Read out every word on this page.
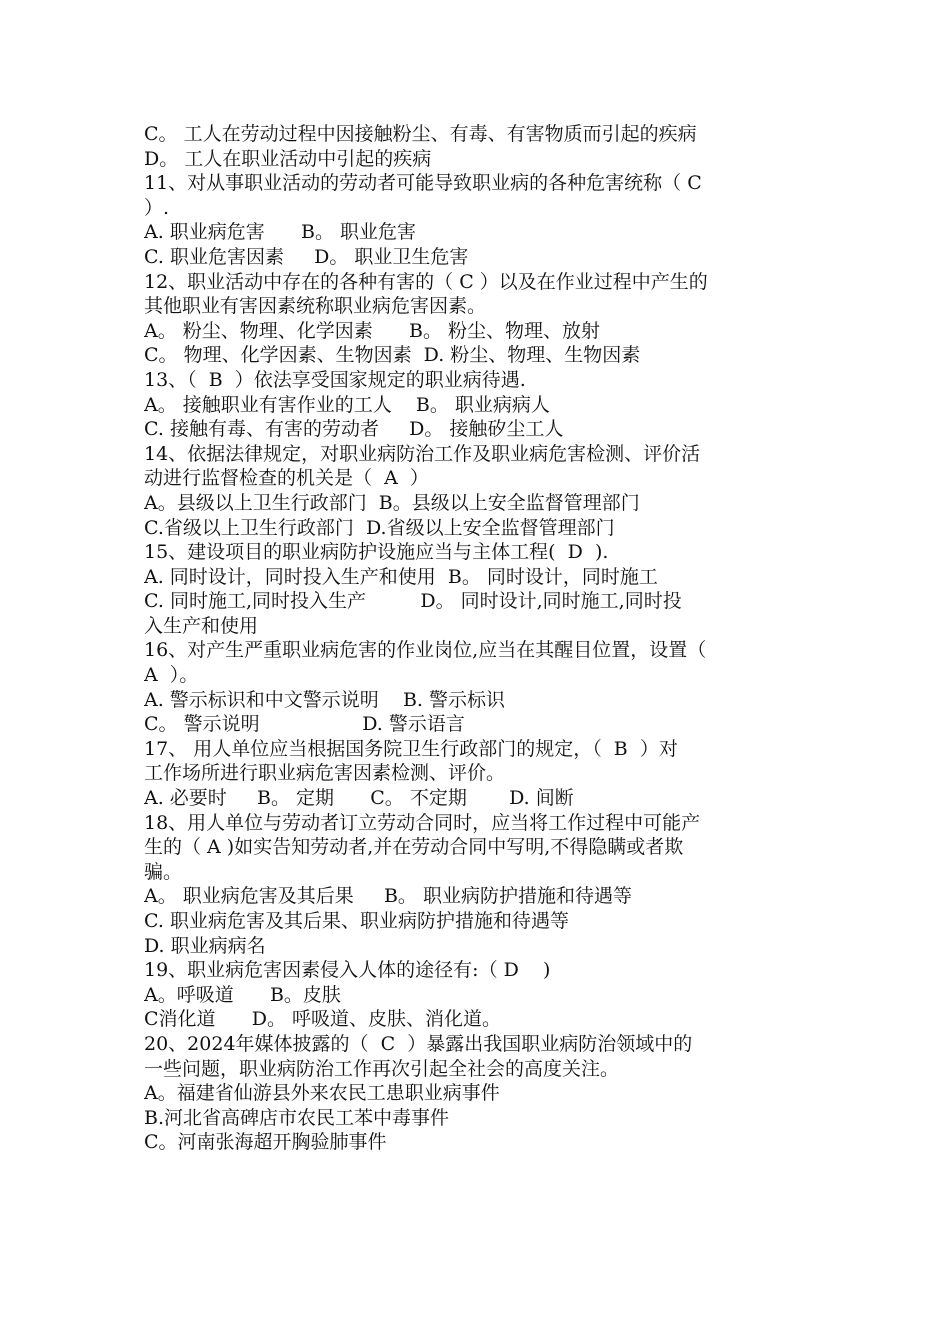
C。 工人在劳动过程中因接触粉尘、有毒、有害物质而引起的疾病
D。 工人在职业活动中引起的疾病
11、对从事职业活动的劳动者可能导致职业病的各种危害统称（ C
）.
A. 职业病危害      B。 职业危害
C. 职业危害因素     D。 职业卫生危害
12、职业活动中存在的各种有害的（ C ）以及在作业过程中产生的
其他职业有害因素统称职业病危害因素。
A。 粉尘、物理、化学因素      B。 粉尘、物理、放射
C。 物理、化学因素、生物因素  D. 粉尘、物理、生物因素
13、（  B  ）依法享受国家规定的职业病待遇.
A。 接触职业有害作业的工人    B。 职业病病人
C. 接触有毒、有害的劳动者     D。 接触矽尘工人
14、依据法律规定，对职业病防治工作及职业病危害检测、评价活
动进行监督检查的机关是（  A  ）
A。县级以上卫生行政部门  B。县级以上安全监督管理部门
C.省级以上卫生行政部门  D.省级以上安全监督管理部门
15、建设项目的职业病防护设施应当与主体工程(  D  ).
A. 同时设计，同时投入生产和使用  B。 同时设计，同时施工
C. 同时施工,同时投入生产         D。 同时设计,同时施工,同时投
入生产和使用
16、对产生严重职业病危害的作业岗位,应当在其醒目位置，设置（
A  ）。
A. 警示标识和中文警示说明    B. 警示标识
C。 警示说明                 D. 警示语言
17、 用人单位应当根据国务院卫生行政部门的规定，（  B  ）对
工作场所进行职业病危害因素检测、评价。
A. 必要时     B。 定期      C。 不定期       D. 间断
18、用人单位与劳动者订立劳动合同时，应当将工作过程中可能产
生的（ A )如实告知劳动者,并在劳动合同中写明,不得隐瞒或者欺
骗。
A。 职业病危害及其后果     B。 职业病防护措施和待遇等
C. 职业病危害及其后果、职业病防护措施和待遇等
D. 职业病病名
19、职业病危害因素侵入人体的途径有:（ D    )
A。呼吸道      B。皮肤
C消化道      D。 呼吸道、皮肤、消化道。
20、2024年媒体披露的（  C  ）暴露出我国职业病防治领域中的
一些问题，职业病防治工作再次引起全社会的高度关注。
A。福建省仙游县外来农民工患职业病事件
B.河北省高碑店市农民工苯中毒事件
C。河南张海超开胸验肺事件
